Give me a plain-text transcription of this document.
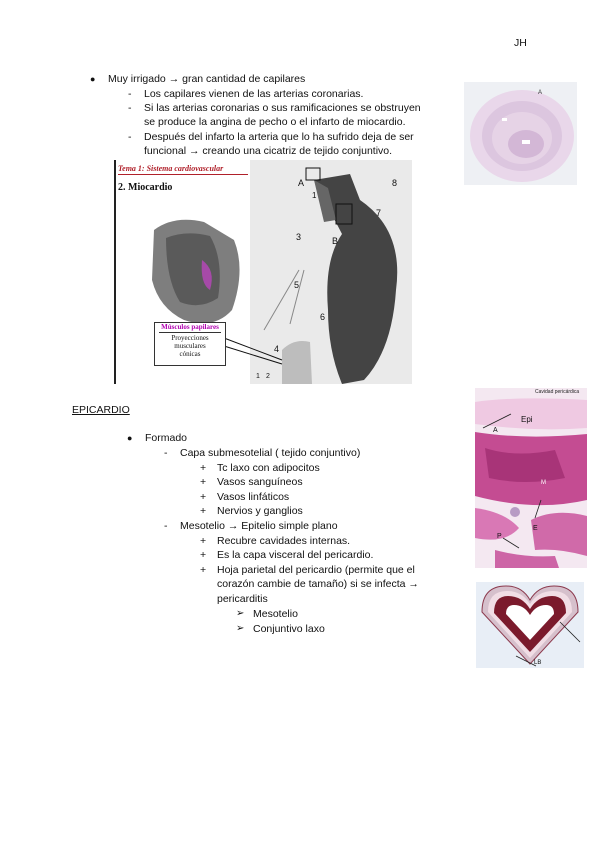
JH
● Muy irrigado → gran cantidad de capilares
- Los capilares vienen de las arterias coronarias.
- Si las arterias coronarias o sus ramificaciones se obstruyen
se produce la angina de pecho o el infarto de miocardio.
- Después del infarto la arteria que lo ha sufrido deja de ser
funcional → creando una cicatriz de tejido conjuntivo.
A
A
1
8
3	B
7
5
6
4
1 2
Tema 1: Sistema cardiovascular
2. Miocardio
Músculos papilares
Proyecciones
musculares
cónicas
EPICARDIO
● Formado
- Capa submesotelial ( tejido conjuntivo)
+ Tc laxo con adipocitos
+ Vasos sanguíneos
+ Vasos linfáticos
+ Nervios y ganglios
- Mesotelio → Epitelio simple plano
+ Recubre cavidades internas.
+ Es la capa visceral del pericardio.
+ Hoja parietal del pericardio (permite que el
corazón cambie de tamaño) si se infecta →
pericarditis
➢ Mesotelio
➢ Conjuntivo laxo
A
Epi
M
E
P
Cavidad pericárdica
LB
